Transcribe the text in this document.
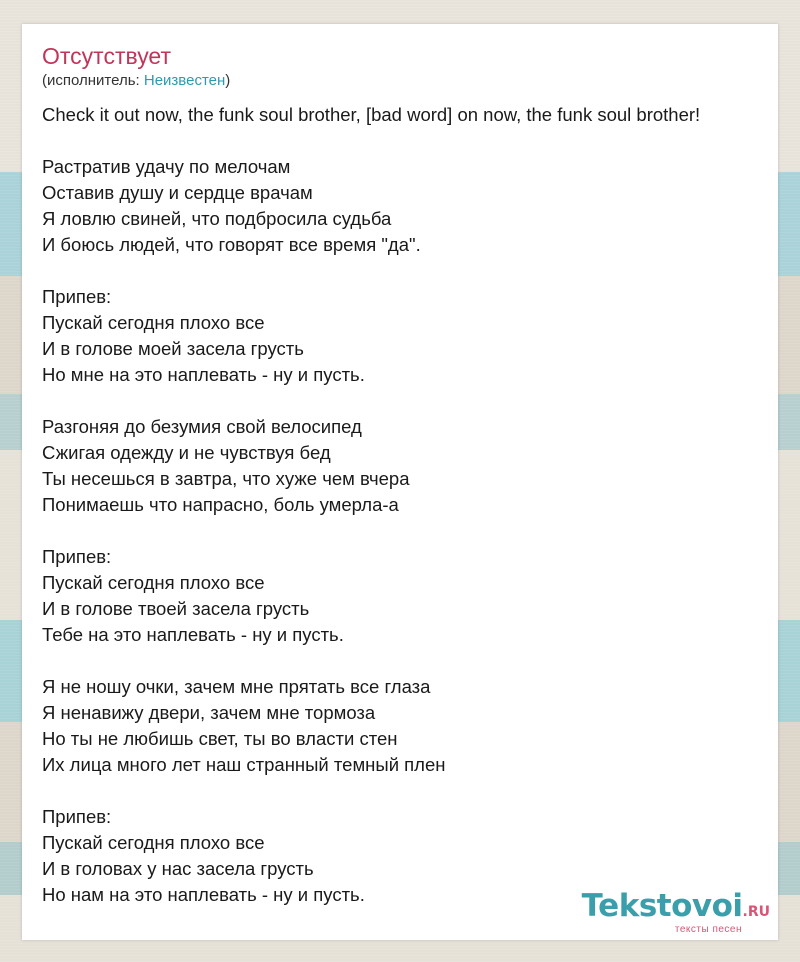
Отсутствует
(исполнитель: Неизвестен)
Check it out now, the funk soul brother, [bad word] on now, the funk soul brother!
Растратив удачу по мелочам
Оставив душу и сердце врачам
Я ловлю свиней, что подбросила судьба
И боюсь людей, что говорят все время "да".
Припев:
Пускай сегодня плохо все
И в голове моей засела грусть
Но мне на это наплевать - ну и пусть.
Разгоняя до безумия свой велосипед
Сжигая одежду и не чувствуя бед
Ты несешься в завтра, что хуже чем вчера
Понимаешь что напрасно, боль умерла-а
Припев:
Пускай сегодня плохо все
И в голове твоей засела грусть
Тебе на это наплевать - ну и пусть.
Я не ношу очки, зачем мне прятать все глаза
Я ненавижу двери, зачем мне тормоза
Но ты не любишь свет, ты во власти стен
Их лица много лет наш странный темный плен
Припев:
Пускай сегодня плохо все
И в головах у нас засела грусть
Но нам на это наплевать - ну и пусть.	Tekstovoi.RU
тексты песен
